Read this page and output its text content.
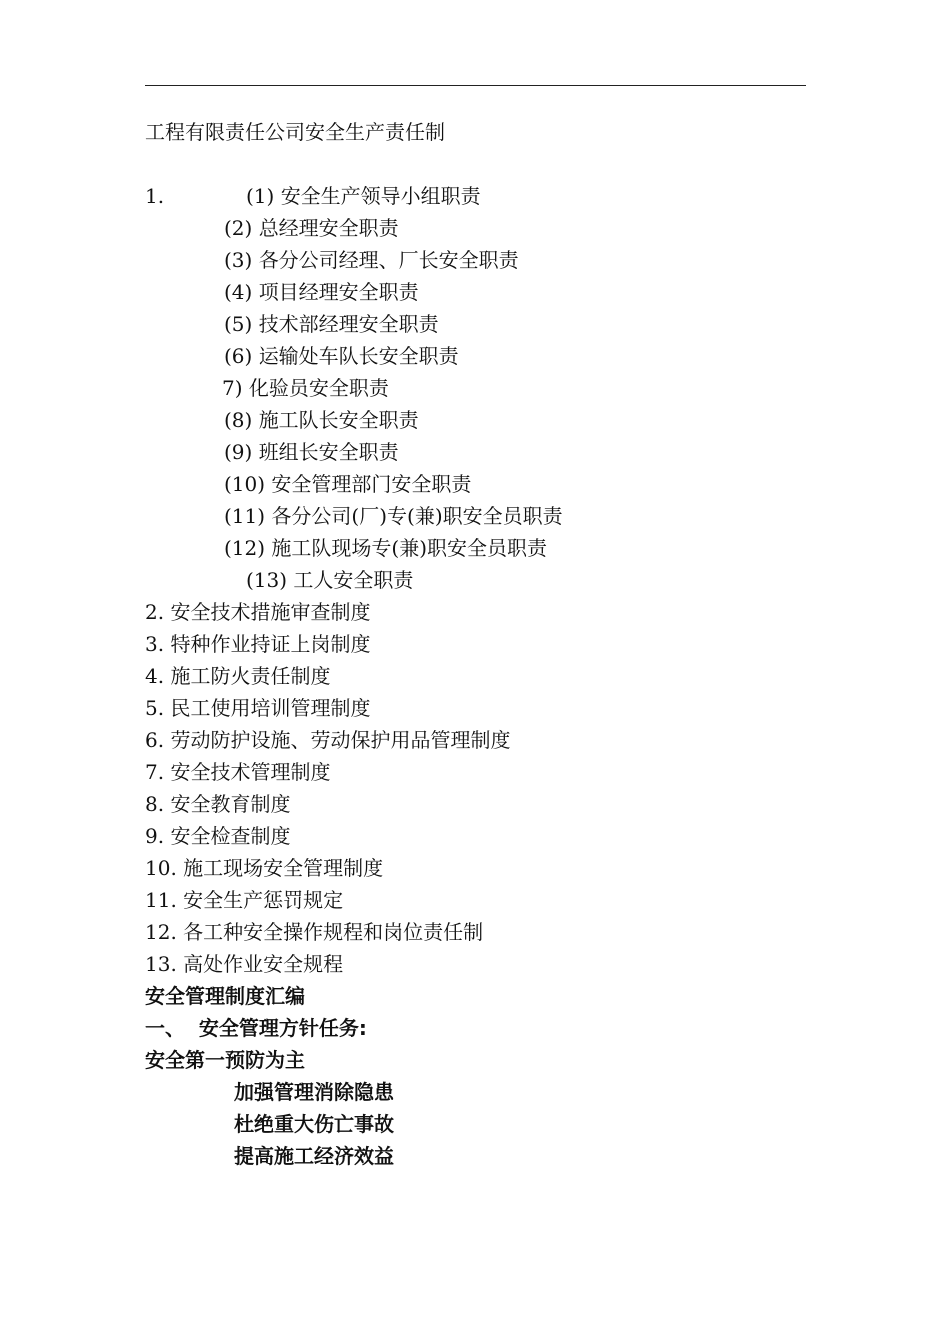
工程有限责任公司安全生产责任制
1.	(1) 安全生产领导小组职责
(2) 总经理安全职责
(3) 各分公司经理、厂长安全职责
(4) 项目经理安全职责
(5) 技术部经理安全职责
(6) 运输处车队长安全职责
7) 化验员安全职责
(8) 施工队长安全职责
(9) 班组长安全职责
(10) 安全管理部门安全职责
(11) 各分公司(厂)专(兼)职安全员职责
(12) 施工队现场专(兼)职安全员职责
(13) 工人安全职责
2. 安全技术措施审查制度
3. 特种作业持证上岗制度
4. 施工防火责任制度
5. 民工使用培训管理制度
6. 劳动防护设施、劳动保护用品管理制度
7. 安全技术管理制度
8. 安全教育制度
9. 安全检查制度
10. 施工现场安全管理制度
11. 安全生产惩罚规定
12. 各工种安全操作规程和岗位责任制
13. 高处作业安全规程
安全管理制度汇编
一、  安全管理方针任务:
安全第一预防为主
加强管理消除隐患
杜绝重大伤亡事故
提高施工经济效益
